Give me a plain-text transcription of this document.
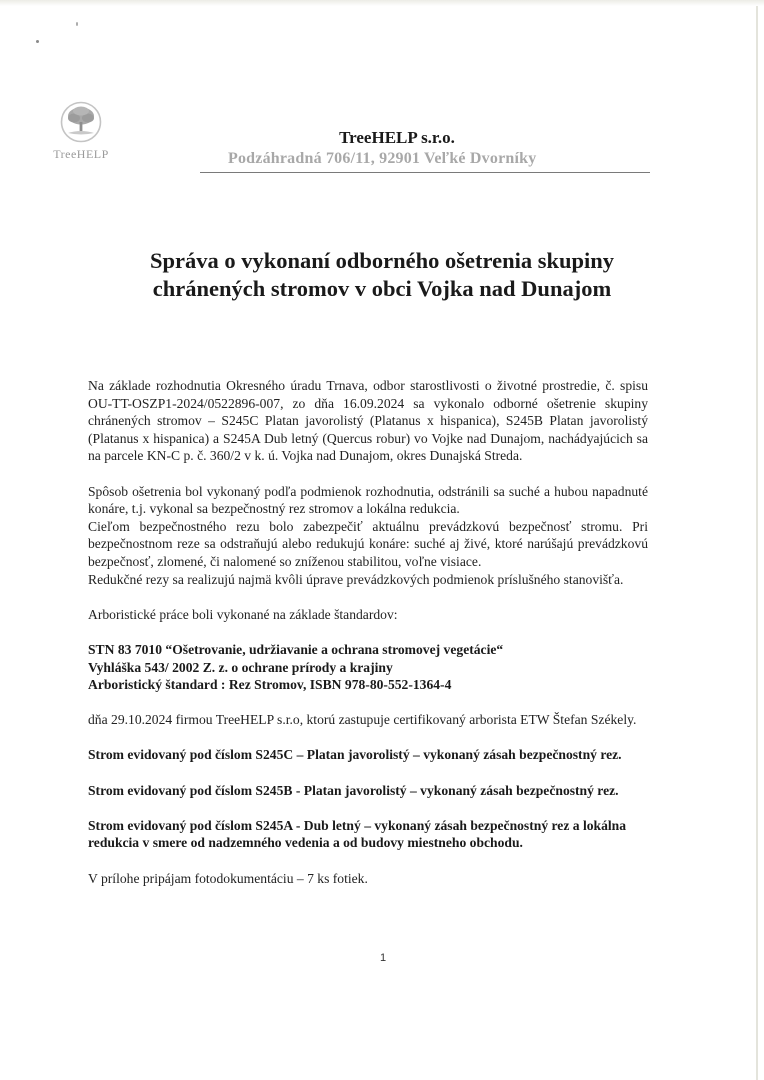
TreeHELP
TreeHELP s.r.o.
Podzáhradná 706/11, 92901 Veľké Dvorníky
Správa o vykonaní odborného ošetrenia skupiny
chránených stromov v obci Vojka nad Dunajom

Na základe rozhodnutia Okresného úradu Trnava, odbor starostlivosti o životné prostredie, č. spisu OU-TT-OSZP1-2024/0522896-007, zo dňa 16.09.2024 sa vykonalo odborné ošetrenie skupiny chránených stromov – S245C Platan javorolistý (Platanus x hispanica), S245B Platan javorolistý (Platanus x hispanica) a S245A Dub letný (Quercus robur) vo Vojke nad Dunajom, nachádyajúcich sa na parcele KN-C p. č. 360/2 v k. ú. Vojka nad Dunajom, okres Dunajská Streda.

Spôsob ošetrenia bol vykonaný podľa podmienok rozhodnutia, odstránili sa suché a hubou napadnuté konáre, t.j. vykonal sa bezpečnostný rez stromov a lokálna redukcia.

Cieľom bezpečnostného rezu bolo zabezpečiť aktuálnu prevádzkovú bezpečnosť stromu. Pri bezpečnostnom reze sa odstraňujú alebo redukujú konáre: suché aj živé, ktoré narúšajú prevádzkovú bezpečnosť, zlomené, či nalomené so zníženou stabilitou, voľne visiace.

Redukčné rezy sa realizujú najmä kvôli úprave prevádzkových podmienok príslušného stanovišťa.

Arboristické práce boli vykonané na základe štandardov:

STN 83 7010 “Ošetrovanie, udržiavanie a ochrana stromovej vegetácie“

Vyhláška 543/ 2002 Z. z. o ochrane prírody a krajiny

Arboristický štandard : Rez Stromov, ISBN 978-80-552-1364-4

dňa 29.10.2024 firmou TreeHELP s.r.o, ktorú zastupuje certifikovaný arborista ETW Štefan Székely.

Strom evidovaný pod číslom S245C – Platan javorolistý – vykonaný zásah bezpečnostný rez.

Strom evidovaný pod číslom S245B - Platan javorolistý – vykonaný zásah bezpečnostný rez.

Strom evidovaný pod číslom S245A - Dub letný – vykonaný zásah bezpečnostný rez a lokálna redukcia v smere od nadzemného vedenia a od budovy miestneho obchodu.

V prílohe pripájam fotodokumentáciu – 7 ks fotiek.

1
